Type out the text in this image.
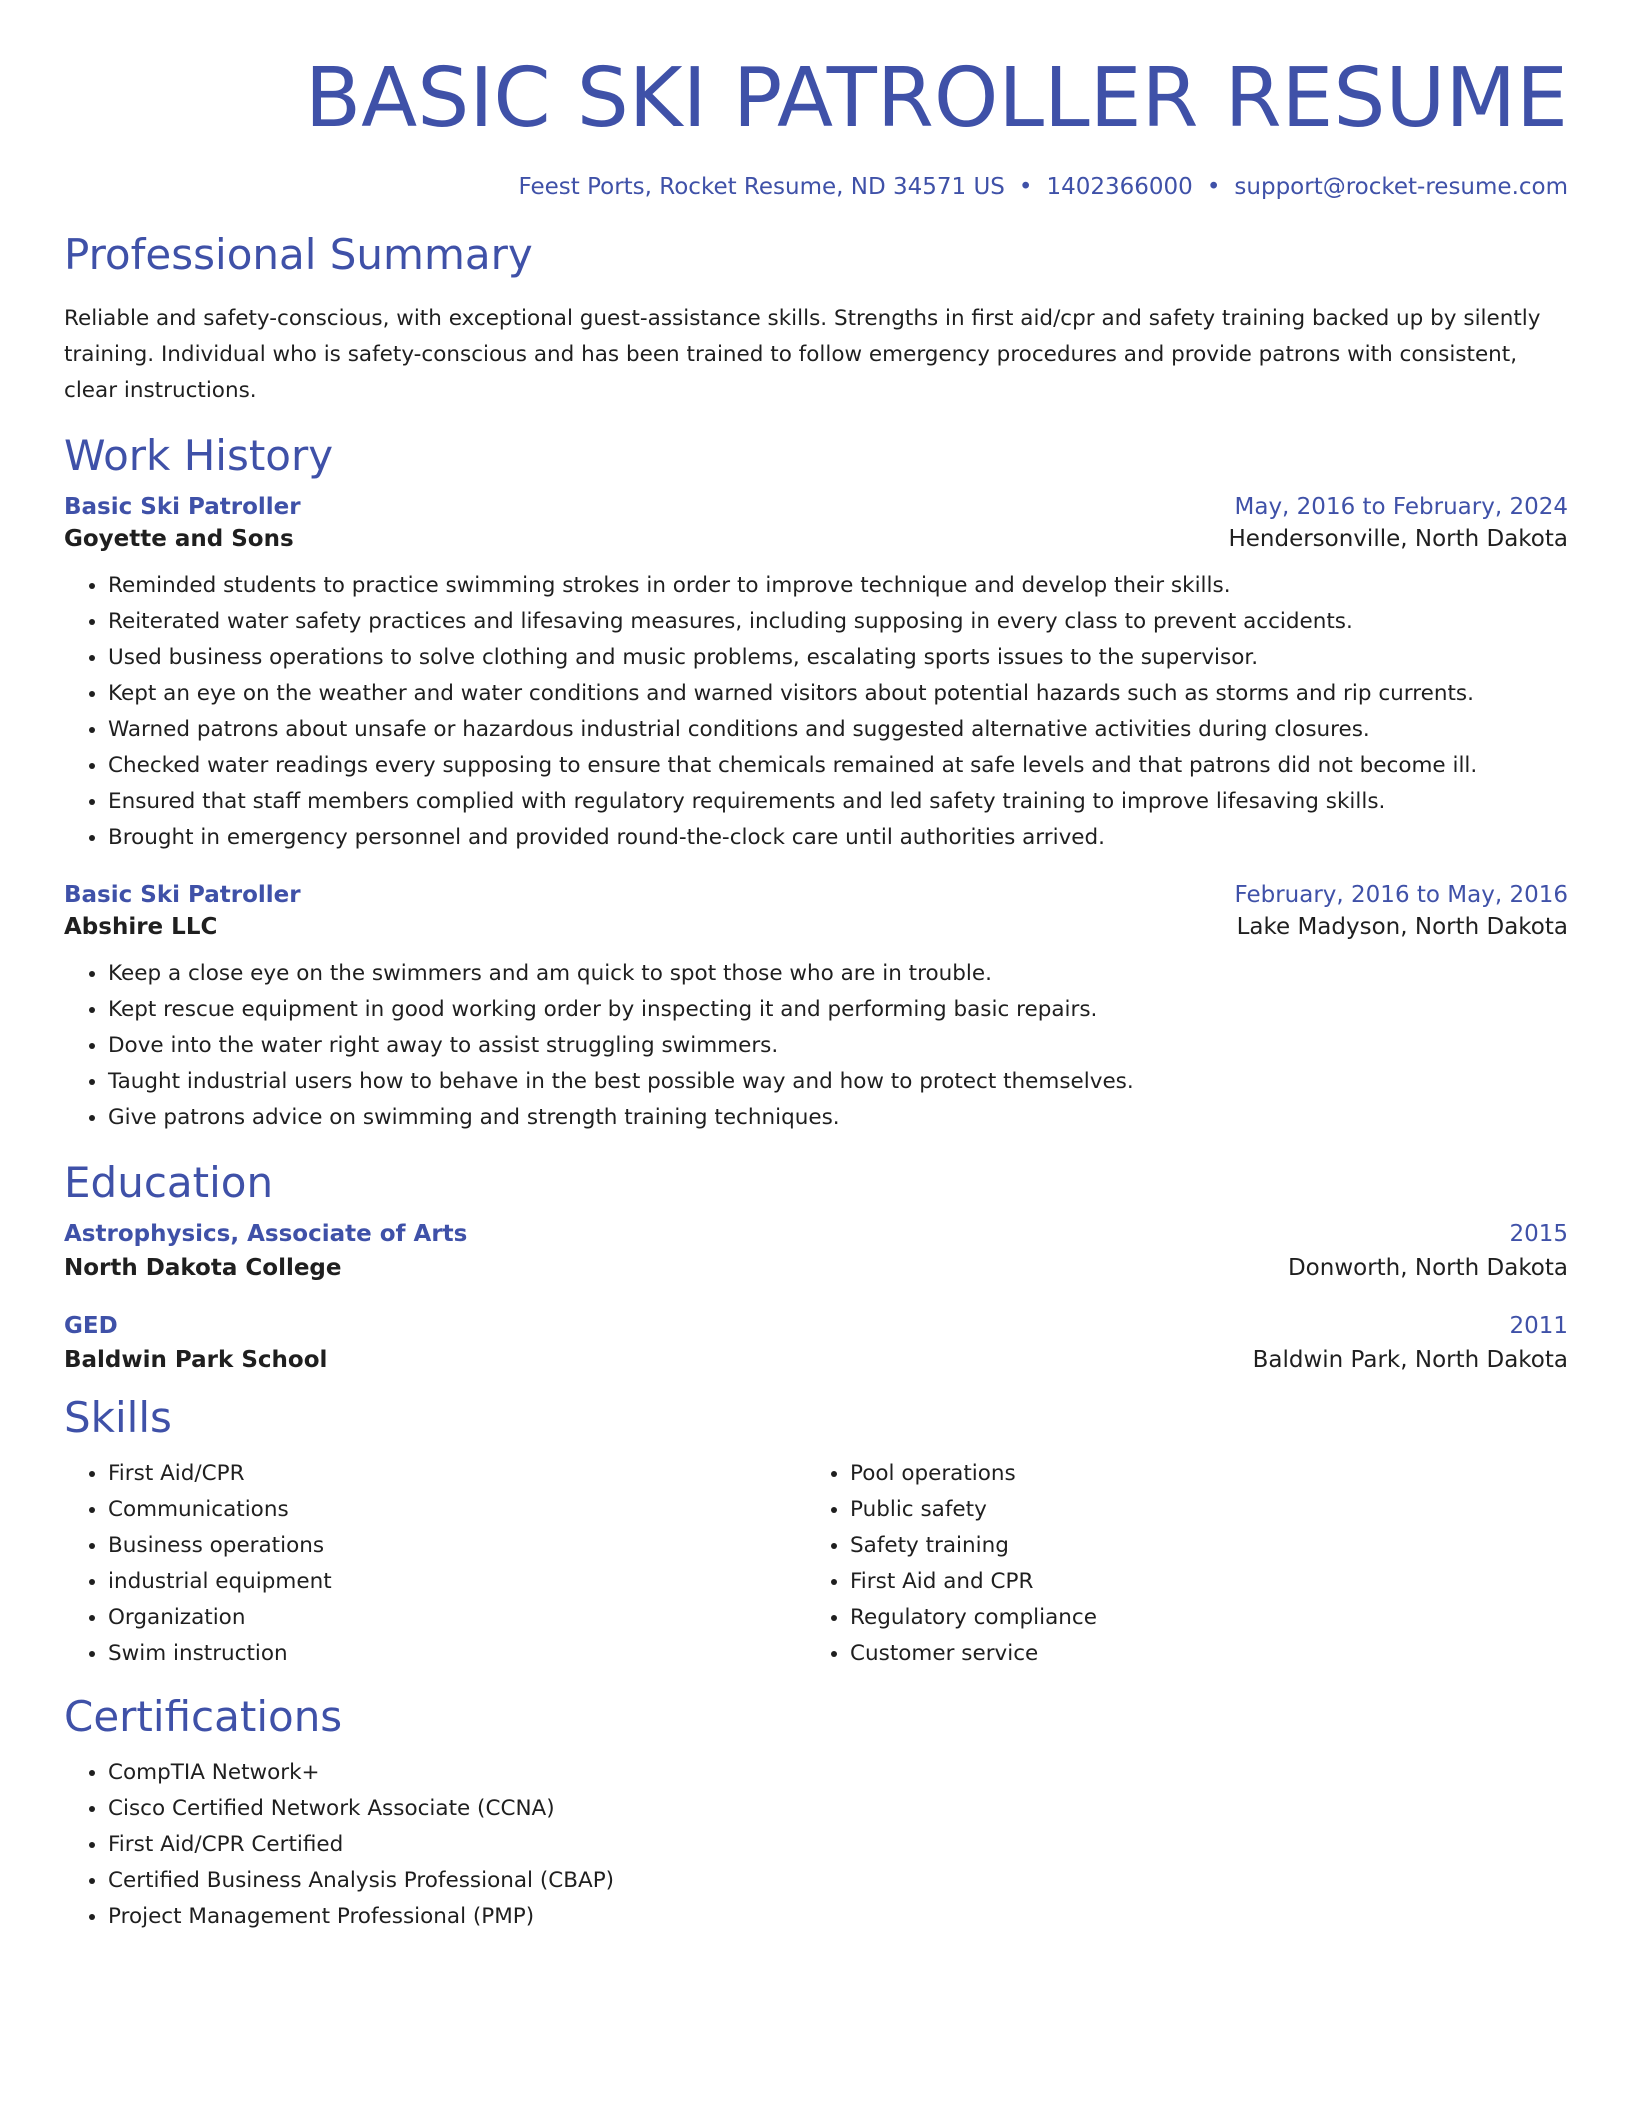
BASIC SKI PATROLLER RESUME
Feest Ports, Rocket Resume, ND 34571 US • 1402366000 • support@rocket-resume.com
Professional Summary

Reliable and safety-conscious, with exceptional guest-assistance skills. Strengths in first aid/cpr and safety training backed up by silently training. Individual who is safety-conscious and has been trained to follow emergency procedures and provide patrons with consistent, clear instructions.

Work History
Basic Ski Patroller	May, 2016 to February, 2024
Goyette and Sons	Hendersonville, North Dakota
• Reminded students to practice swimming strokes in order to improve technique and develop their skills.
• Reiterated water safety practices and lifesaving measures, including supposing in every class to prevent accidents.
• Used business operations to solve clothing and music problems, escalating sports issues to the supervisor.
• Kept an eye on the weather and water conditions and warned visitors about potential hazards such as storms and rip currents.
• Warned patrons about unsafe or hazardous industrial conditions and suggested alternative activities during closures.
• Checked water readings every supposing to ensure that chemicals remained at safe levels and that patrons did not become ill.
• Ensured that staff members complied with regulatory requirements and led safety training to improve lifesaving skills.
• Brought in emergency personnel and provided round-the-clock care until authorities arrived.
Basic Ski Patroller	February, 2016 to May, 2016
Abshire LLC	Lake Madyson, North Dakota
• Keep a close eye on the swimmers and am quick to spot those who are in trouble.
• Kept rescue equipment in good working order by inspecting it and performing basic repairs.
• Dove into the water right away to assist struggling swimmers.
• Taught industrial users how to behave in the best possible way and how to protect themselves.
• Give patrons advice on swimming and strength training techniques.
Education
Astrophysics, Associate of Arts	2015
North Dakota College	Donworth, North Dakota
GED	2011
Baldwin Park School	Baldwin Park, North Dakota
Skills
• First Aid/CPR
• Communications
• Business operations
• industrial equipment
• Organization
• Swim instruction
• Pool operations
• Public safety
• Safety training
• First Aid and CPR
• Regulatory compliance
• Customer service
Certifications
• CompTIA Network+
• Cisco Certified Network Associate (CCNA)
• First Aid/CPR Certified
• Certified Business Analysis Professional (CBAP)
• Project Management Professional (PMP)
